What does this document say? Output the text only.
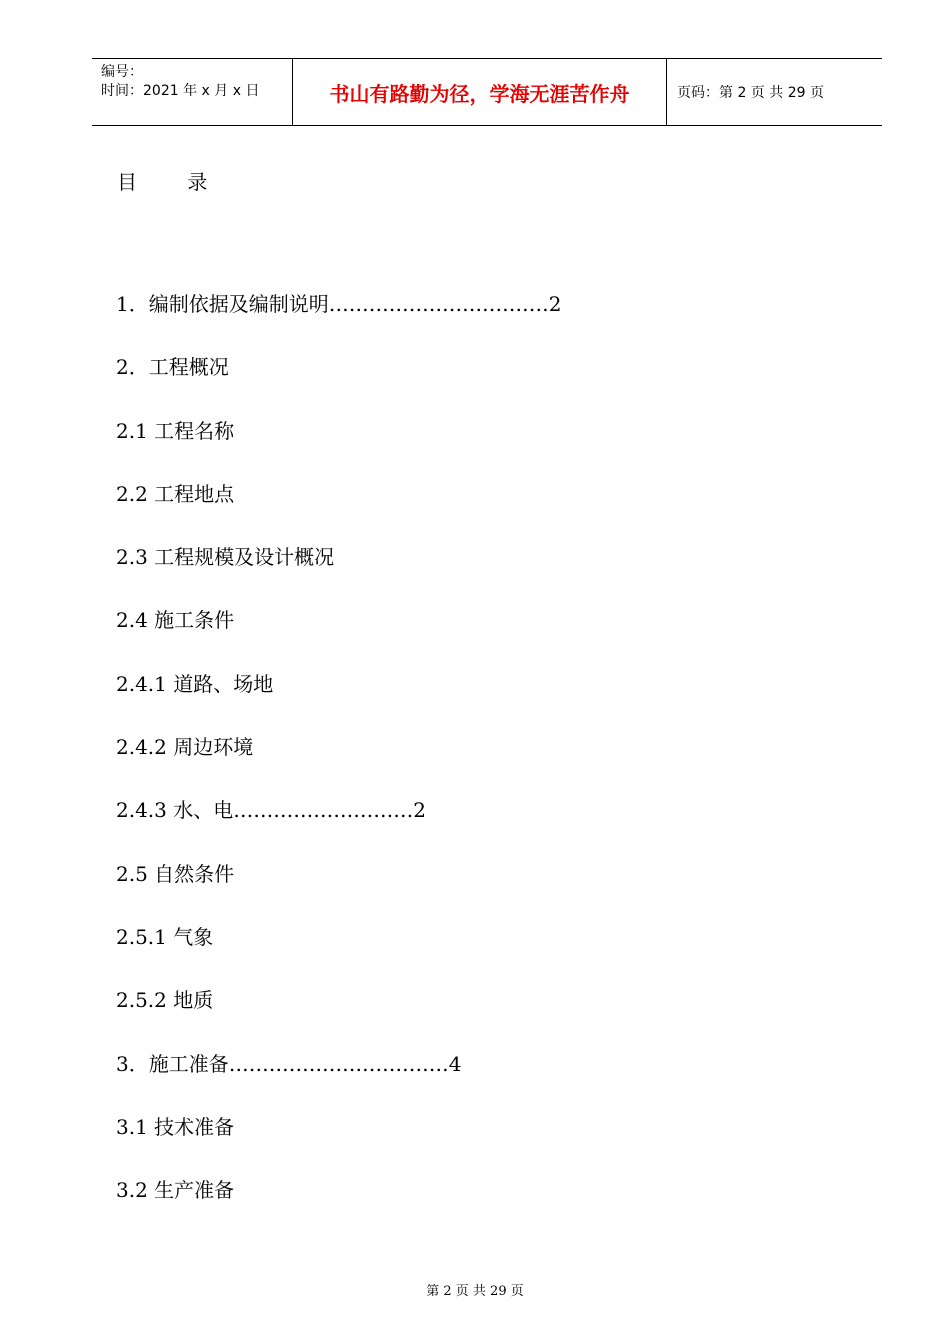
编号：
时间：2021 年 x 月 x 日	书山有路勤为径，学海无涯苦作舟	页码：第 2 页 共 29 页
目 录
1．编制依据及编制说明……………………………2
2．工程概况
2.1 工程名称
2.2 工程地点
2.3 工程规模及设计概况
2.4 施工条件
2.4.1 道路、场地
2.4.2 周边环境
2.4.3 水、电………………………2
2.5 自然条件
2.5.1 气象
2.5.2 地质
3．施工准备……………………………4
3.1 技术准备
3.2 生产准备
第 2 页 共 29 页
